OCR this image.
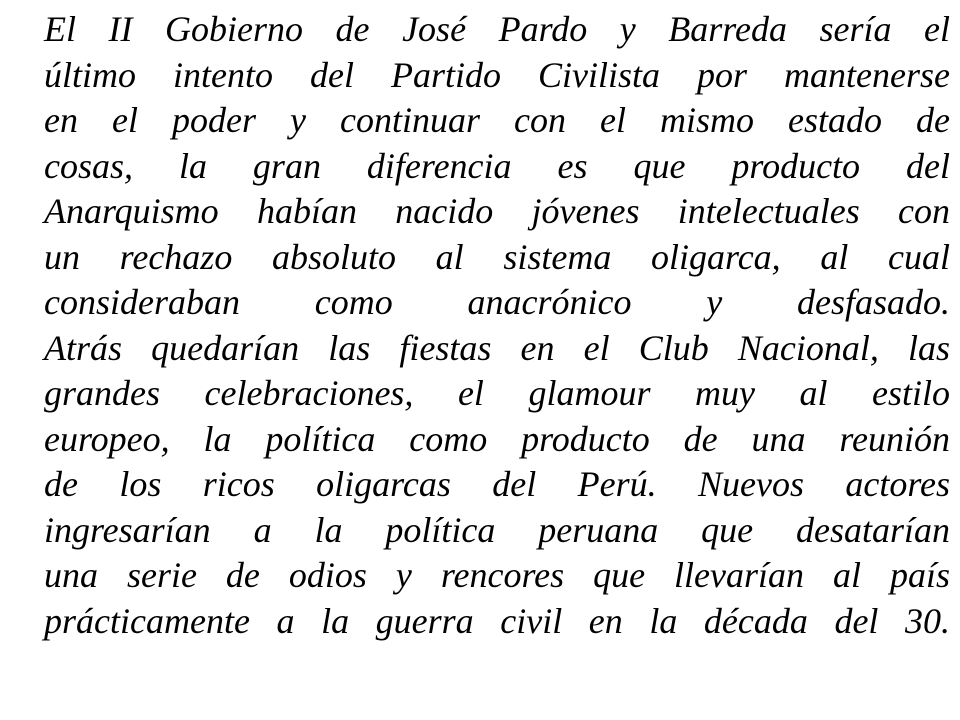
El II Gobierno de José Pardo y Barreda sería el
último intento del Partido Civilista por mantenerse
en el poder y continuar con el mismo estado de
cosas, la gran diferencia es que producto del
Anarquismo habían nacido jóvenes intelectuales con
un rechazo absoluto al sistema oligarca, al cual
consideraban como anacrónico y desfasado.
Atrás quedarían las fiestas en el Club Nacional, las
grandes celebraciones, el glamour muy al estilo
europeo, la política como producto de una reunión
de los ricos oligarcas del Perú. Nuevos actores
ingresarían a la política peruana que desatarían
una serie de odios y rencores que llevarían al país
prácticamente a la guerra civil en la década del 30.
